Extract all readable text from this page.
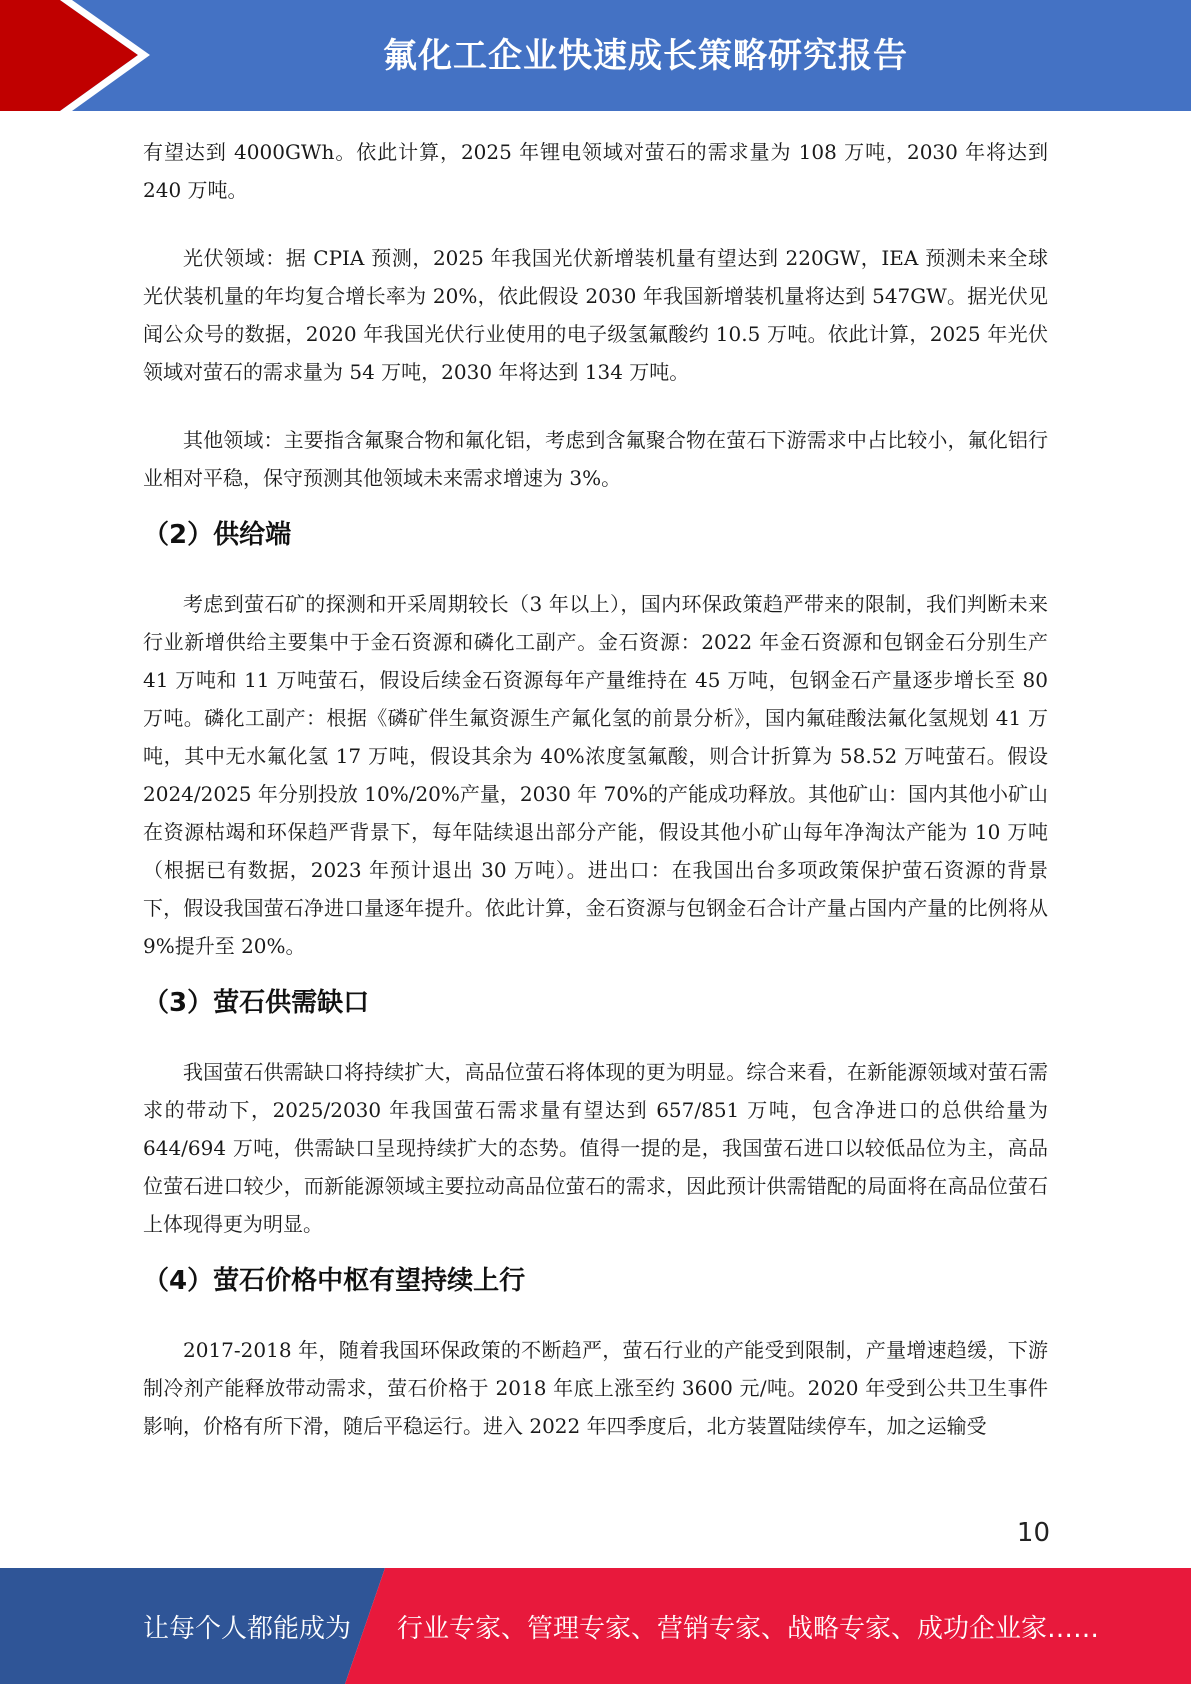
氟化工企业快速成长策略研究报告

有望达到 4000GWh。依此计算，2025 年锂电领域对萤石的需求量为 108 万吨，2030 年将达到 240 万吨。

光伏领域：据 CPIA 预测，2025 年我国光伏新增装机量有望达到 220GW，IEA 预测未来全球光伏装机量的年均复合增长率为 20%，依此假设 2030 年我国新增装机量将达到 547GW。据光伏见闻公众号的数据，2020 年我国光伏行业使用的电子级氢氟酸约 10.5 万吨。依此计算，2025 年光伏领域对萤石的需求量为 54 万吨，2030 年将达到 134 万吨。

其他领域：主要指含氟聚合物和氟化铝，考虑到含氟聚合物在萤石下游需求中占比较小，氟化铝行业相对平稳，保守预测其他领域未来需求增速为 3%。

（2）供给端

考虑到萤石矿的探测和开采周期较长（3 年以上），国内环保政策趋严带来的限制，我们判断未来行业新增供给主要集中于金石资源和磷化工副产。金石资源：2022 年金石资源和包钢金石分别生产 41 万吨和 11 万吨萤石，假设后续金石资源每年产量维持在 45 万吨，包钢金石产量逐步增长至 80 万吨。磷化工副产：根据《磷矿伴生氟资源生产氟化氢的前景分析》，国内氟硅酸法氟化氢规划 41 万吨，其中无水氟化氢 17 万吨，假设其余为 40%浓度氢氟酸，则合计折算为 58.52 万吨萤石。假设 2024/2025 年分别投放 10%/20%产量，2030 年 70%的产能成功释放。其他矿山：国内其他小矿山在资源枯竭和环保趋严背景下，每年陆续退出部分产能，假设其他小矿山每年净淘汰产能为 10 万吨（根据已有数据，2023 年预计退出 30 万吨）。进出口：在我国出台多项政策保护萤石资源的背景下，假设我国萤石净进口量逐年提升。依此计算，金石资源与包钢金石合计产量占国内产量的比例将从 9%提升至 20%。

（3）萤石供需缺口

我国萤石供需缺口将持续扩大，高品位萤石将体现的更为明显。综合来看，在新能源领域对萤石需求的带动下，2025/2030 年我国萤石需求量有望达到 657/851 万吨，包含净进口的总供给量为 644/694 万吨，供需缺口呈现持续扩大的态势。值得一提的是，我国萤石进口以较低品位为主，高品位萤石进口较少，而新能源领域主要拉动高品位萤石的需求，因此预计供需错配的局面将在高品位萤石上体现得更为明显。

（4）萤石价格中枢有望持续上行

2017-2018 年，随着我国环保政策的不断趋严，萤石行业的产能受到限制，产量增速趋缓，下游制冷剂产能释放带动需求，萤石价格于 2018 年底上涨至约 3600 元/吨。2020 年受到公共卫生事件影响，价格有所下滑，随后平稳运行。进入 2022 年四季度后，北方装置陆续停车，加之运输受

10
让每个人都能成为 行业专家、管理专家、营销专家、战略专家、成功企业家……
